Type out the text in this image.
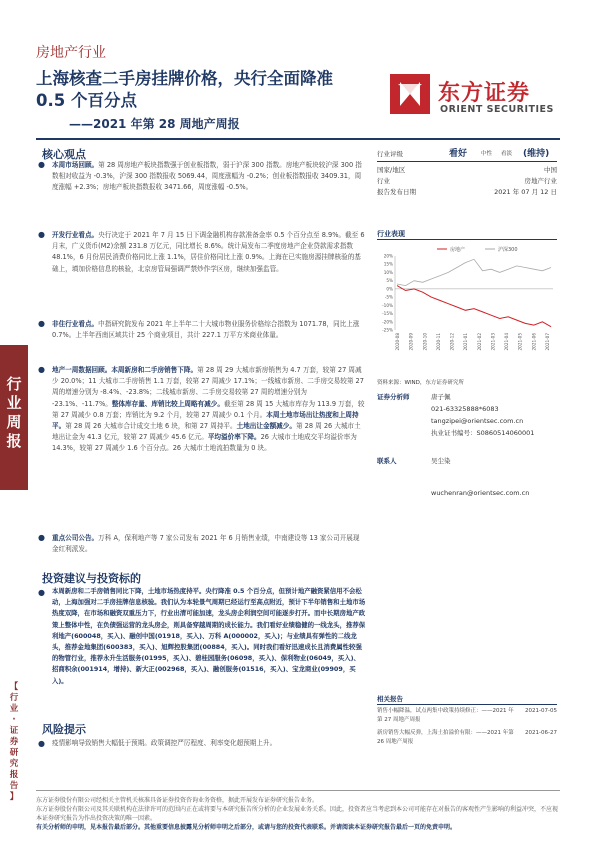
房地产行业
上海核查二手房挂牌价格，央行全面降准 0.5 个百分点
——2021 年第 28 周地产周报
东方证券
ORIENT SECURITIES
行
业
周
报
【
行
业
·
证
券
研
究
报
告
】
核心观点
● 本周市场回顾。第 28 周房地产板块指数强于创业板指数，弱于沪深 300 指数。房地产板块较沪深 300 指数相对收益为 -0.3%，沪深 300 指数报收 5069.44，周度涨幅为 -0.2%；创业板指数报收 3409.31，周度涨幅 +2.3%；房地产板块指数报收 3471.66，周度涨幅 -0.5%。
● 开发行业看点。央行决定于 2021 年 7 月 15 日下调金融机构存款准备金率 0.5 个百分点至 8.9%。截至 6 月末，广义货币(M2)余额 231.8 万亿元，同比增长 8.6%。统计局发布二季度房地产企业贷款需求指数 48.1%，6 月份居民消费价格同比上涨 1.1%，居住价格同比上涨 0.9%。上海在已实施房源挂牌核验的基础上，填加价格信息的核验，北京房管局强调严禁炒作学区房，继续加强监管。
● 非住行业看点。中指研究院发布 2021 年上半年二十大城市物业服务价格综合指数为 1071.78，同比上涨 0.7%。上半年西南区域共计 25 个商业项目，共计 227.1 万平方米商业体量。
● 地产一周数据回顾。本周新房和二手房销售下降。第 28 周 29 大城市新房销售为 4.7 万套，较第 27 周减少 20.0%；11 大城市二手房销售 1.1 万套，较第 27 周减少 17.1%；一线城市新房、二手房交易较第 27 周的增速分别为 -8.4%、-23.8%；二线城市新房、二手房交易较第 27 周的增速分别为 -23.1%、-11.7%。整体库存量、库销比较上周略有减少。截至第 28 周 15 大城市库存为 113.9 万套，较第 27 周减少 0.8 万套；库销比为 9.2 个月，较第 27 周减少 0.1 个月。本周土地市场出让热度和上周持平。第 28 周 26 大城市合计成交土地 6 块，和第 27 周持平。土地出让金额减少。第 28 周 26 大城市土地出让金为 41.3 亿元，较第 27 周减少 45.6 亿元。平均溢价率下降。26 大城市土地成交平均溢价率为 14.3%，较第 27 周减少 1.6 个百分点。26 大城市土地流拍数量为 0 块。
● 重点公司公告。万科 A，保利地产等 7 家公司发布 2021 年 6 月销售业绩，中南建设等 13 家公司开展现金红利派发。
投资建议与投资标的
● 本周新房和二手房销售同比下降，土地市场热度持平。央行降准 0.5 个百分点，但预计地产融资紧信用不会松动，上海加强对二手房挂牌信息核验。我们认为本轮景气周期已经运行至高点附近，预计下半年销售和土地市场热度双降，在市场和融资双重压力下，行业出清可能加速，龙头房企利润空间可能逐步打开。而中长期房地产政策上整体中性，在负债强运营的龙头房企，则具备穿越周期的成长能力。我们看好业绩稳健的一线龙头，推荐保利地产(600048，买入)、融创中国(01918，买入)、万科 A(000002，买入)；与业绩具有弹性的二线龙头，推荐金地集团(600383，买入)、旭辉控股集团(00884，买入)。同时我们看好迅速成长且消费属性较强的物管行业，推荐永升生活服务(01995，买入)、碧桂园服务(06098，买入)、保利物业(06049，买入)、招商积余(001914，增持)、新大正(002968，买入)、融创服务(01516，买入)、宝龙商业(09909，买入)。
风险提示
● 疫情影响导致销售大幅低于预期。政策调控严厉程度、利率变化超预期上升。
行业评级	看好	中性 看淡 (维持)
国家/地区	中国
行业	房地产行业
报告发布日期	2021 年 07 月 12 日
行业表现
20%
15%
10%
5%
0%
-5%
-10%
-15%
-20%
-25%
2020-08 2020-09 2020-10 2020-11 2020-12 2021-01 2021-02 2021-03 2021-04 2021-05 2021-06 2021-07
房地产	沪深300
资料来源：WIND，东方证券研究所
证券分析师	唐子佩
021-63325888*6083
tangzipei@orientsec.com.cn
执业证书编号：S0860514060001
联系人	吴尘染
wuchenran@orientsec.com.cn
相关报告
销售小幅降温，试点两集中政策持续修正：——2021 年第 27 周地产周报
2021-07-05
新房销售大幅反弹，上海土拍溢价有限：——2021 年第 26 周地产周报
2021-06-27
东方证券股份有限公司经相关主管机关核准具备证券投资咨询业务资格，据此开展发布证券研究报告业务。
东方证券股份有限公司及其关联机构在法律许可的范围内正在或将要与本研究报告所分析的企业发展业务关系。因此，投资者应当考虑到本公司可能存在对报告的客观性产生影响的利益冲突，不应视本证券研究报告为作出投资决策的唯一因素。
有关分析师的申明，见本报告最后部分。其他重要信息披露见分析师申明之后部分，或请与您的投资代表联系。并请阅读本证券研究报告最后一页的免责申明。
